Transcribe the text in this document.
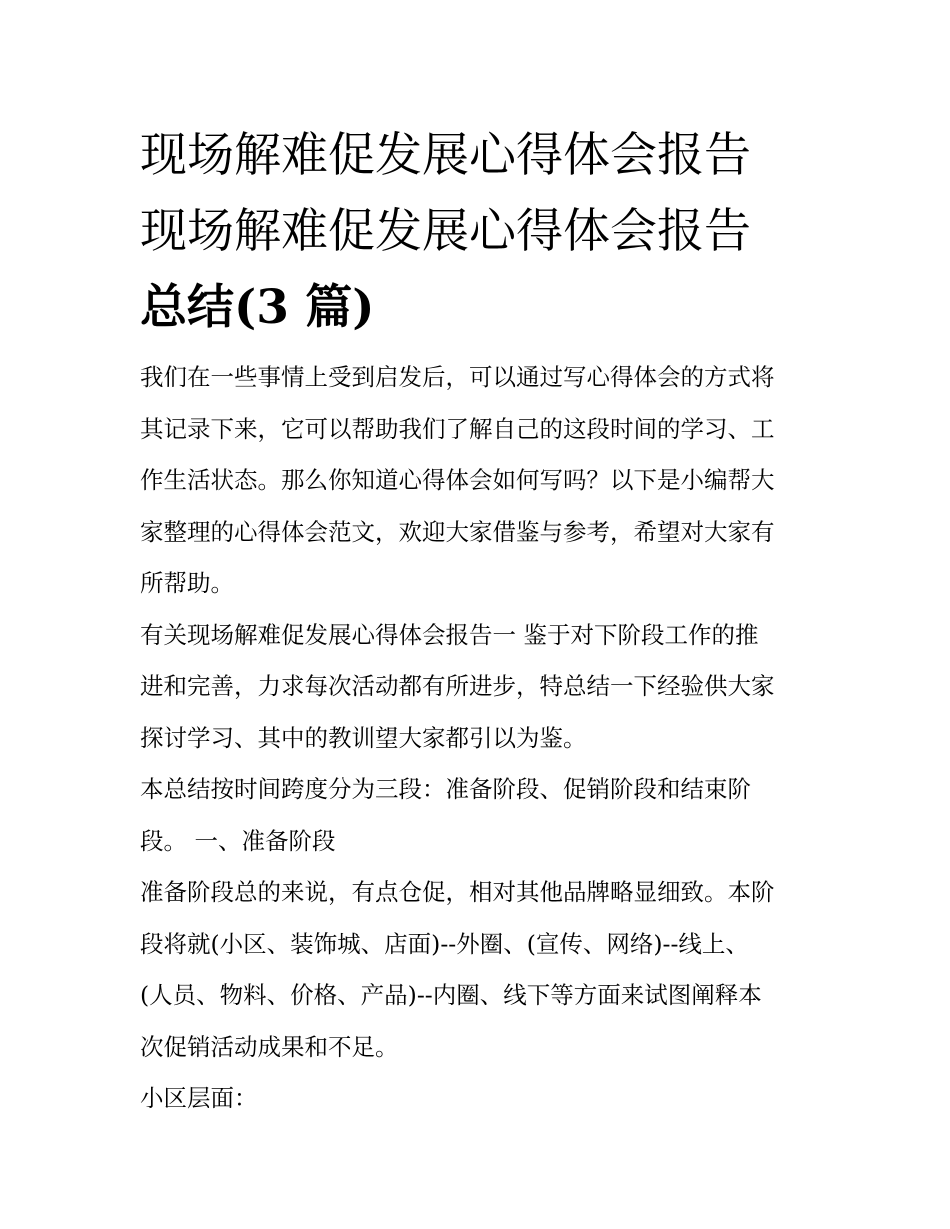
现场解难促发展心得体会报告
现场解难促发展心得体会报告
总结(3 篇)
我们在一些事情上受到启发后，可以通过写心得体会的方式将
其记录下来，它可以帮助我们了解自己的这段时间的学习、工
作生活状态。那么你知道心得体会如何写吗？以下是小编帮大
家整理的心得体会范文，欢迎大家借鉴与参考，希望对大家有
所帮助。
有关现场解难促发展心得体会报告一 鉴于对下阶段工作的推
进和完善，力求每次活动都有所进步，特总结一下经验供大家
探讨学习、其中的教训望大家都引以为鉴。
本总结按时间跨度分为三段：准备阶段、促销阶段和结束阶
段。 一、准备阶段
准备阶段总的来说，有点仓促，相对其他品牌略显细致。本阶
段将就(小区、装饰城、店面)--外圈、(宣传、网络)--线上、
(人员、物料、价格、产品)--内圈、线下等方面来试图阐释本
次促销活动成果和不足。
小区层面：
